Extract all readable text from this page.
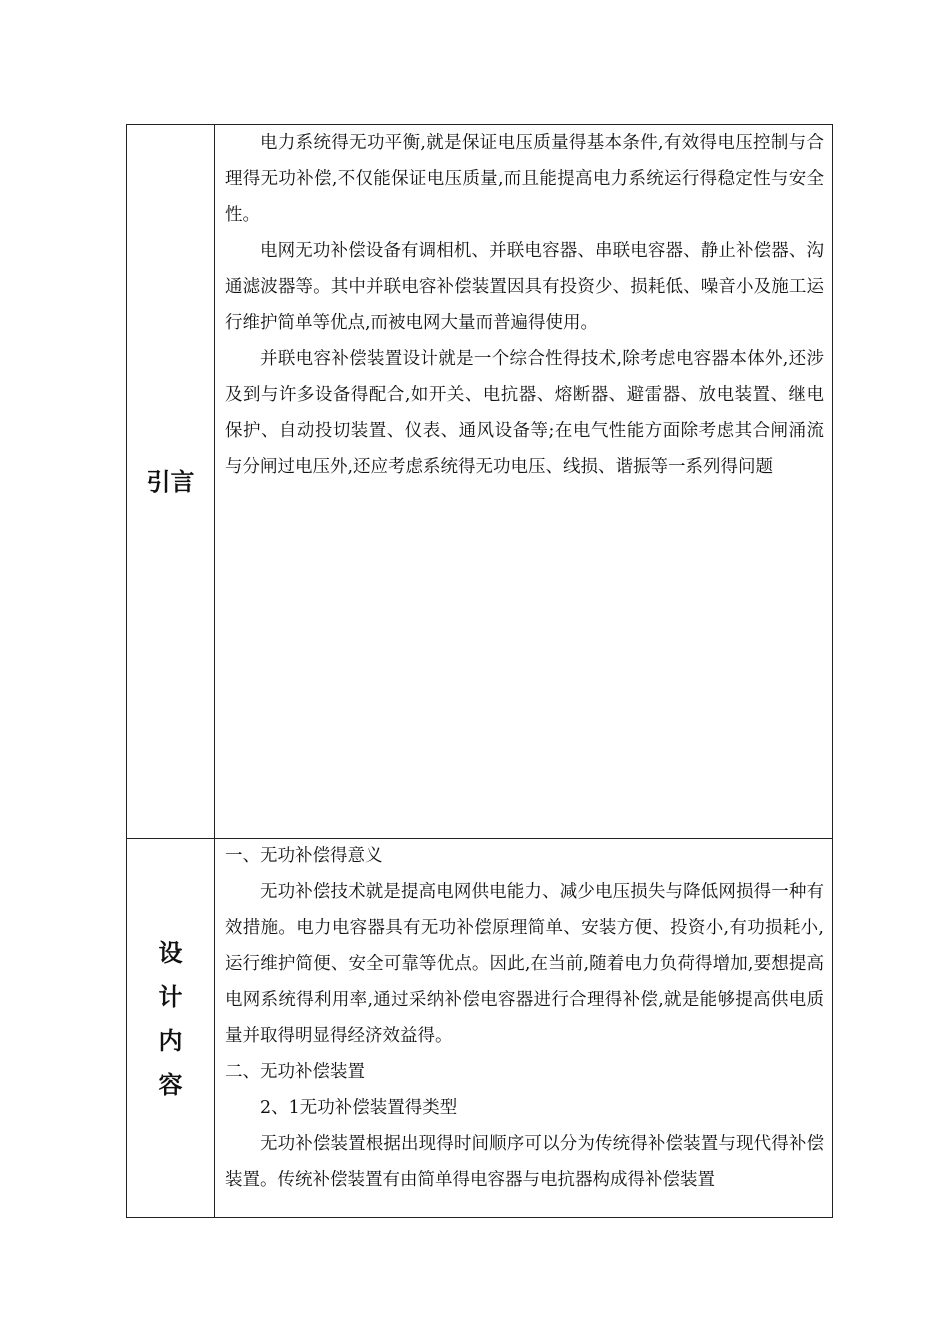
引言

电力系统得无功平衡,就是保证电压质量得基本条件,有效得电压控制与合理得无功补偿,不仅能保证电压质量,而且能提高电力系统运行得稳定性与安全性。

电网无功补偿设备有调相机、并联电容器、串联电容器、静止补偿器、沟通滤波器等。其中并联电容补偿装置因具有投资少、损耗低、噪音小及施工运行维护简单等优点,而被电网大量而普遍得使用。

并联电容补偿装置设计就是一个综合性得技术,除考虑电容器本体外,还涉及到与许多设备得配合,如开关、电抗器、熔断器、避雷器、放电装置、继电保护、自动投切装置、仪表、通风设备等;在电气性能方面除考虑其合闸涌流与分闸过电压外,还应考虑系统得无功电压、线损、谐振等一系列得问题

设
计
内
容

一、无功补偿得意义

无功补偿技术就是提高电网供电能力、减少电压损失与降低网损得一种有效措施。电力电容器具有无功补偿原理简单、安装方便、投资小,有功损耗小,运行维护简便、安全可靠等优点。因此,在当前,随着电力负荷得增加,要想提高电网系统得利用率,通过采纳补偿电容器进行合理得补偿,就是能够提高供电质量并取得明显得经济效益得。

二、无功补偿装置

2、1无功补偿装置得类型

无功补偿装置根据出现得时间顺序可以分为传统得补偿装置与现代得补偿装置。传统补偿装置有由简单得电容器与电抗器构成得补偿装置
